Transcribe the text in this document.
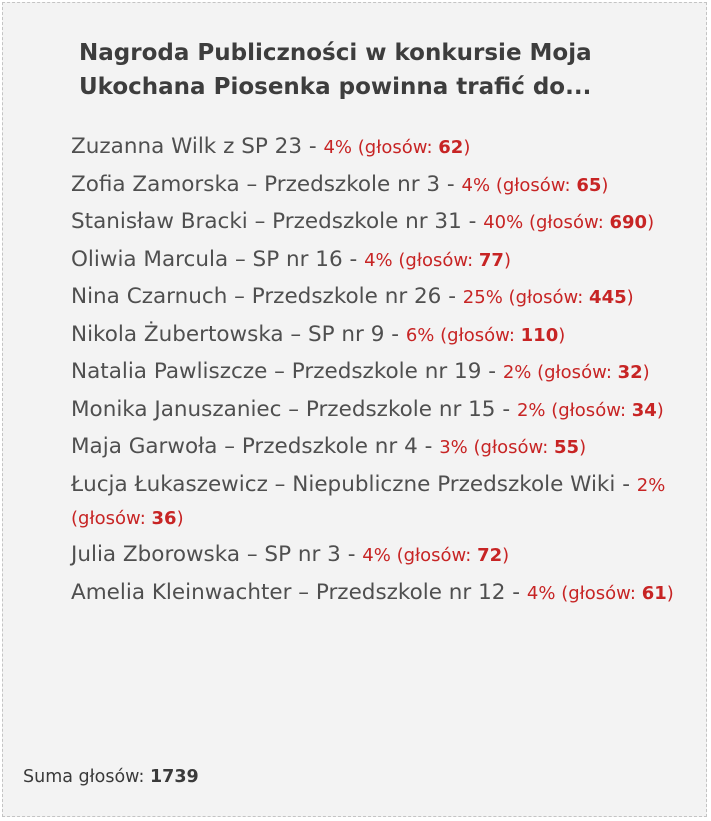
Nagroda Publiczności w konkursie Moja Ukochana Piosenka powinna trafić do...
Zuzanna Wilk z SP 23 - 4% (głosów: 62)
Zofia Zamorska – Przedszkole nr 3 - 4% (głosów: 65)
Stanisław Bracki – Przedszkole nr 31 - 40% (głosów: 690)
Oliwia Marcula – SP nr 16 - 4% (głosów: 77)
Nina Czarnuch – Przedszkole nr 26 - 25% (głosów: 445)
Nikola Żubertowska – SP nr 9 - 6% (głosów: 110)
Natalia Pawliszcze – Przedszkole nr 19 - 2% (głosów: 32)
Monika Januszaniec – Przedszkole nr 15 - 2% (głosów: 34)
Maja Garwoła – Przedszkole nr 4 - 3% (głosów: 55)
Łucja Łukaszewicz – Niepubliczne Przedszkole Wiki - 2% (głosów: 36)
Julia Zborowska – SP nr 3 - 4% (głosów: 72)
Amelia Kleinwachter – Przedszkole nr 12 - 4% (głosów: 61)
Suma głosów: 1739
